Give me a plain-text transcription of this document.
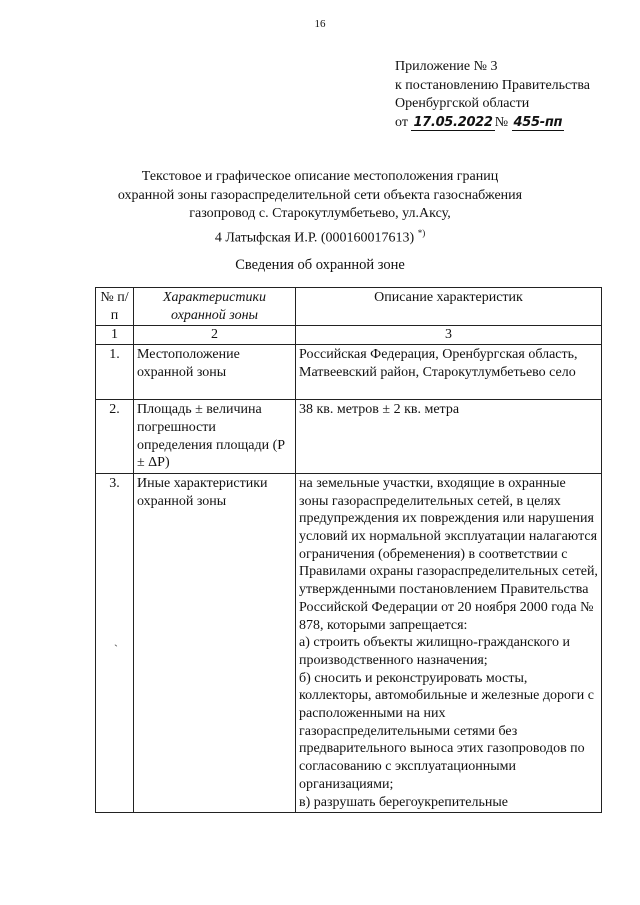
16
Приложение № 3
к постановлению Правительства
Оренбургской области
от 17.05.2022 № 455-пп
Текстовое и графическое описание местоположения границ
охранной зоны газораспределительной сети объекта газоснабжения
газопровод с. Старокутлумбетьево, ул.Аксу,
4 Латыфская И.Р. (000160017613) *)
Сведения об охранной зоне
№ п/п	Характеристики охранной зоны	Описание характеристик
1	2	3
1.	Местоположение охранной зоны	Российская Федерация, Оренбургская область, Матвеевский район, Старокутлумбетьево село
2.	Площадь ± величина погрешности определения площади (P ± ΔP)	38 кв. метров ± 2 кв. метра
3.	Иные характеристики охранной зоны	на земельные участки, входящие в охранные зоны газораспределительных сетей, в целях предупреждения их повреждения или нарушения условий их нормальной эксплуатации налагаются ограничения (обременения) в соответствии с Правилами охраны газораспределительных сетей, утвержденными постановлением Правительства Российской Федерации от 20 ноября 2000 года № 878, которыми запрещается:
а) строить объекты жилищно-гражданского и производственного назначения;
б) сносить и реконструировать мосты, коллекторы, автомобильные и железные дороги с расположенными на них газораспределительными сетями без предварительного выноса этих газопроводов по согласованию с эксплуатационными организациями;
в) разрушать берегоукрепительные
`
